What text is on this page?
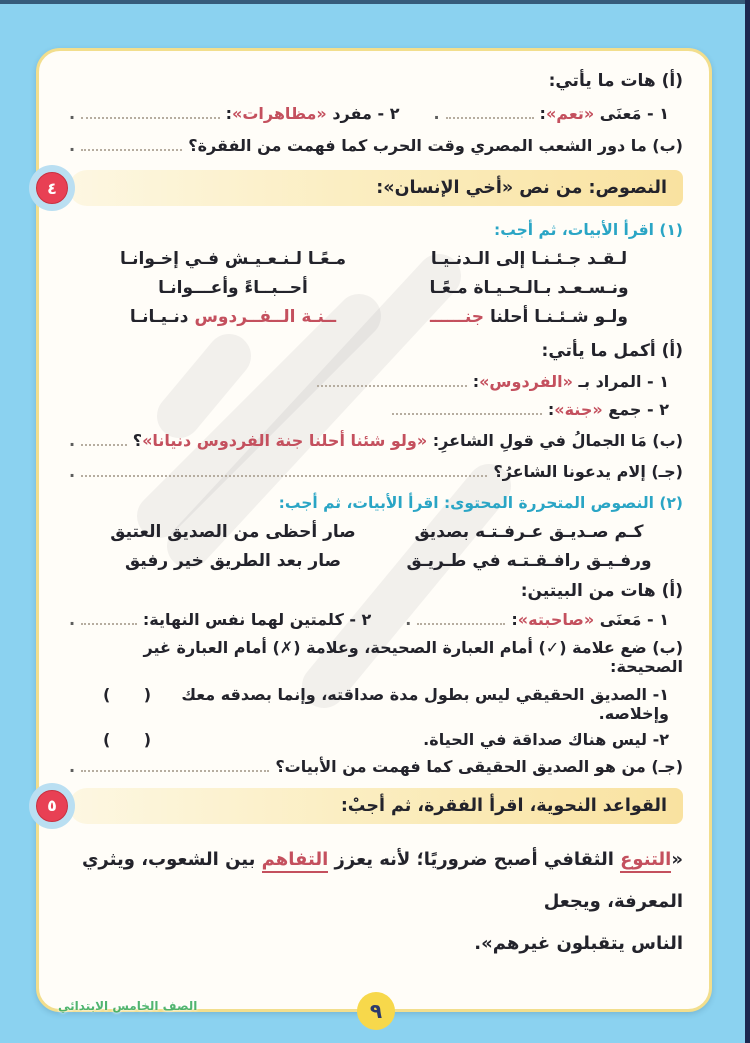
(أ) هات ما يأتي:
١ - مَعنَى «تعم»:
.
٢ - مفرد «مظاهرات»:
.
(ب) ما دور الشعب المصري وقت الحرب كما فهمت من الفقرة؟
.
النصوص: من نص «أخي الإنسان»:
٤
(١) اقرأ الأبيات، ثم أجب:
لـقـد جـئـنـا إلى الـدنـيـا
مـعًـا لـنـعـيـش فـي إخـوانـا
ونـسـعـد بـالـحـيـاة مـعًـا
أحــبــاءً وأعـــوانـا
ولـو شـئـنـا أحلنا جنــــــ
ــنـة الــفــردوس دنـيـانـا
(أ) أكمل ما يأتي:
١ - المراد بـ «الفردوس»:
٢ - جمع «جنة»:
(ب) مَا الجمالُ في قولِ الشاعرِ: «ولو شئنا أحلنا جنة الفردوس دنيانا»؟
.
(جـ) إلام يدعونا الشاعرُ؟
.
(٢) النصوص المتحررة المحتوى: اقرأ الأبيات، ثم أجب:
كـم صـديـق عـرفـتـه بصديق
صار أحظى من الصديق العتيق
ورفـيـق رافـقـتـه في طـريـق
صار بعد الطريق خير رفيق
(أ) هات من البيتين:
١ - مَعنَى «صاحبته»:
.
٢ - كلمتين لهما نفس النهاية:
.
(ب) ضع علامة (✓) أمام العبارة الصحيحة، وعلامة (✗) أمام العبارة غير الصحيحة:
١- الصديق الحقيقي ليس بطول مدة صداقته، وإنما بصدقه معك وإخلاصه.
(      )
٢- ليس هناك صداقة في الحياة.
(      )
(جـ) من هو الصديق الحقيقى كما فهمت من الأبيات؟
.
القواعد النحوية، اقرأ الفقرة، ثم أجبْ:
٥
«التنوع الثقافي أصبح ضروريًا؛ لأنه يعزز التفاهم بين الشعوب، ويثري المعرفة، ويجعل
الناس يتقبلون غيرهم».
٩
الصف الخامس الابتدائي
